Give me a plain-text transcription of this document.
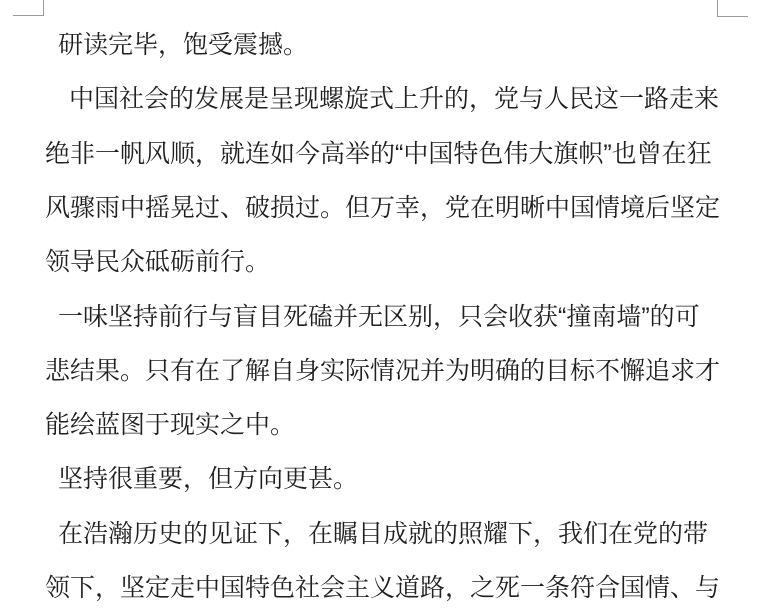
研读完毕，饱受震撼。
中国社会的发展是呈现螺旋式上升的，党与人民这一路走来
绝非一帆风顺，就连如今高举的“中国特色伟大旗帜”也曾在狂
风骤雨中摇晃过、破损过。但万幸，党在明晰中国情境后坚定
领导民众砥砺前行。
一味坚持前行与盲目死磕并无区别，只会收获“撞南墙”的可
悲结果。只有在了解自身实际情况并为明确的目标不懈追求才
能绘蓝图于现实之中。
坚持很重要，但方向更甚。
在浩瀚历史的见证下，在瞩目成就的照耀下，我们在党的带
领下，坚定走中国特色社会主义道路，之死一条符合国情、与
